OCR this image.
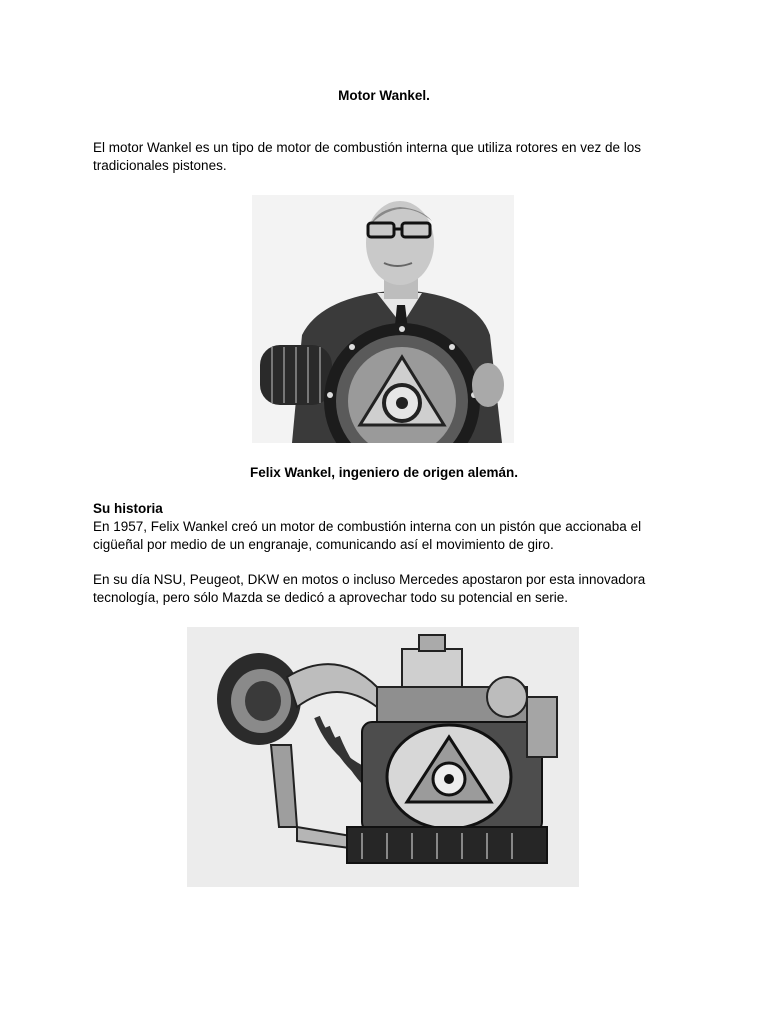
Motor Wankel.
El motor Wankel es un tipo de motor de combustión interna que utiliza rotores en vez de los tradicionales pistones.
Felix Wankel, ingeniero de origen alemán.
Su historia
En 1957, Felix Wankel creó un motor de combustión interna con un pistón que accionaba el cigüeñal por medio de un engranaje, comunicando así el movimiento de giro.
En su día NSU, Peugeot, DKW en motos o incluso Mercedes apostaron por esta innovadora tecnología, pero sólo Mazda se dedicó a aprovechar todo su potencial en serie.
